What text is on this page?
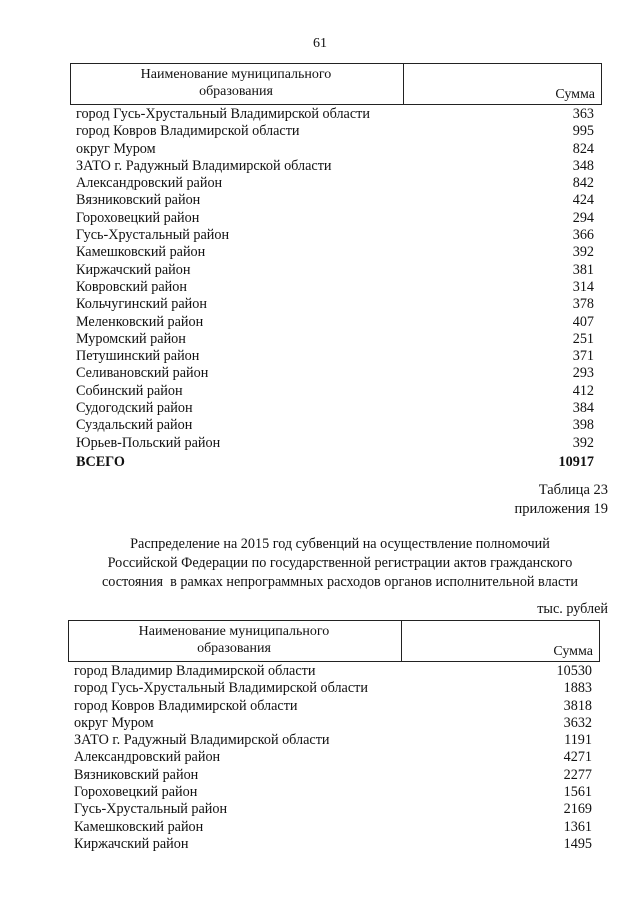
61
Наименование муниципального
образования	Сумма
город Гусь-Хрустальный Владимирской области	363
город Ковров Владимирской области	995
округ Муром	824
ЗАТО г. Радужный Владимирской области	348
Александровский район	842
Вязниковский район	424
Гороховецкий район	294
Гусь-Хрустальный район	366
Камешковский район	392
Киржачский район	381
Ковровский район	314
Кольчугинский район	378
Меленковский район	407
Муромский район	251
Петушинский район	371
Селивановский район	293
Собинский район	412
Судогодский район	384
Суздальский район	398
Юрьев-Польский район	392
ВСЕГО	10917
Таблица 23
приложения 19
Распределение на 2015 год субвенций на осуществление полномочий
Российской Федерации по государственной регистрации актов гражданского
состояния  в рамках непрограммных расходов органов исполнительной власти
тыс. рублей
Наименование муниципального
образования	Сумма
город Владимир Владимирской области	10530
город Гусь-Хрустальный Владимирской области	1883
город Ковров Владимирской области	3818
округ Муром	3632
ЗАТО г. Радужный Владимирской области	1191
Александровский район	4271
Вязниковский район	2277
Гороховецкий район	1561
Гусь-Хрустальный район	2169
Камешковский район	1361
Киржачский район	1495
